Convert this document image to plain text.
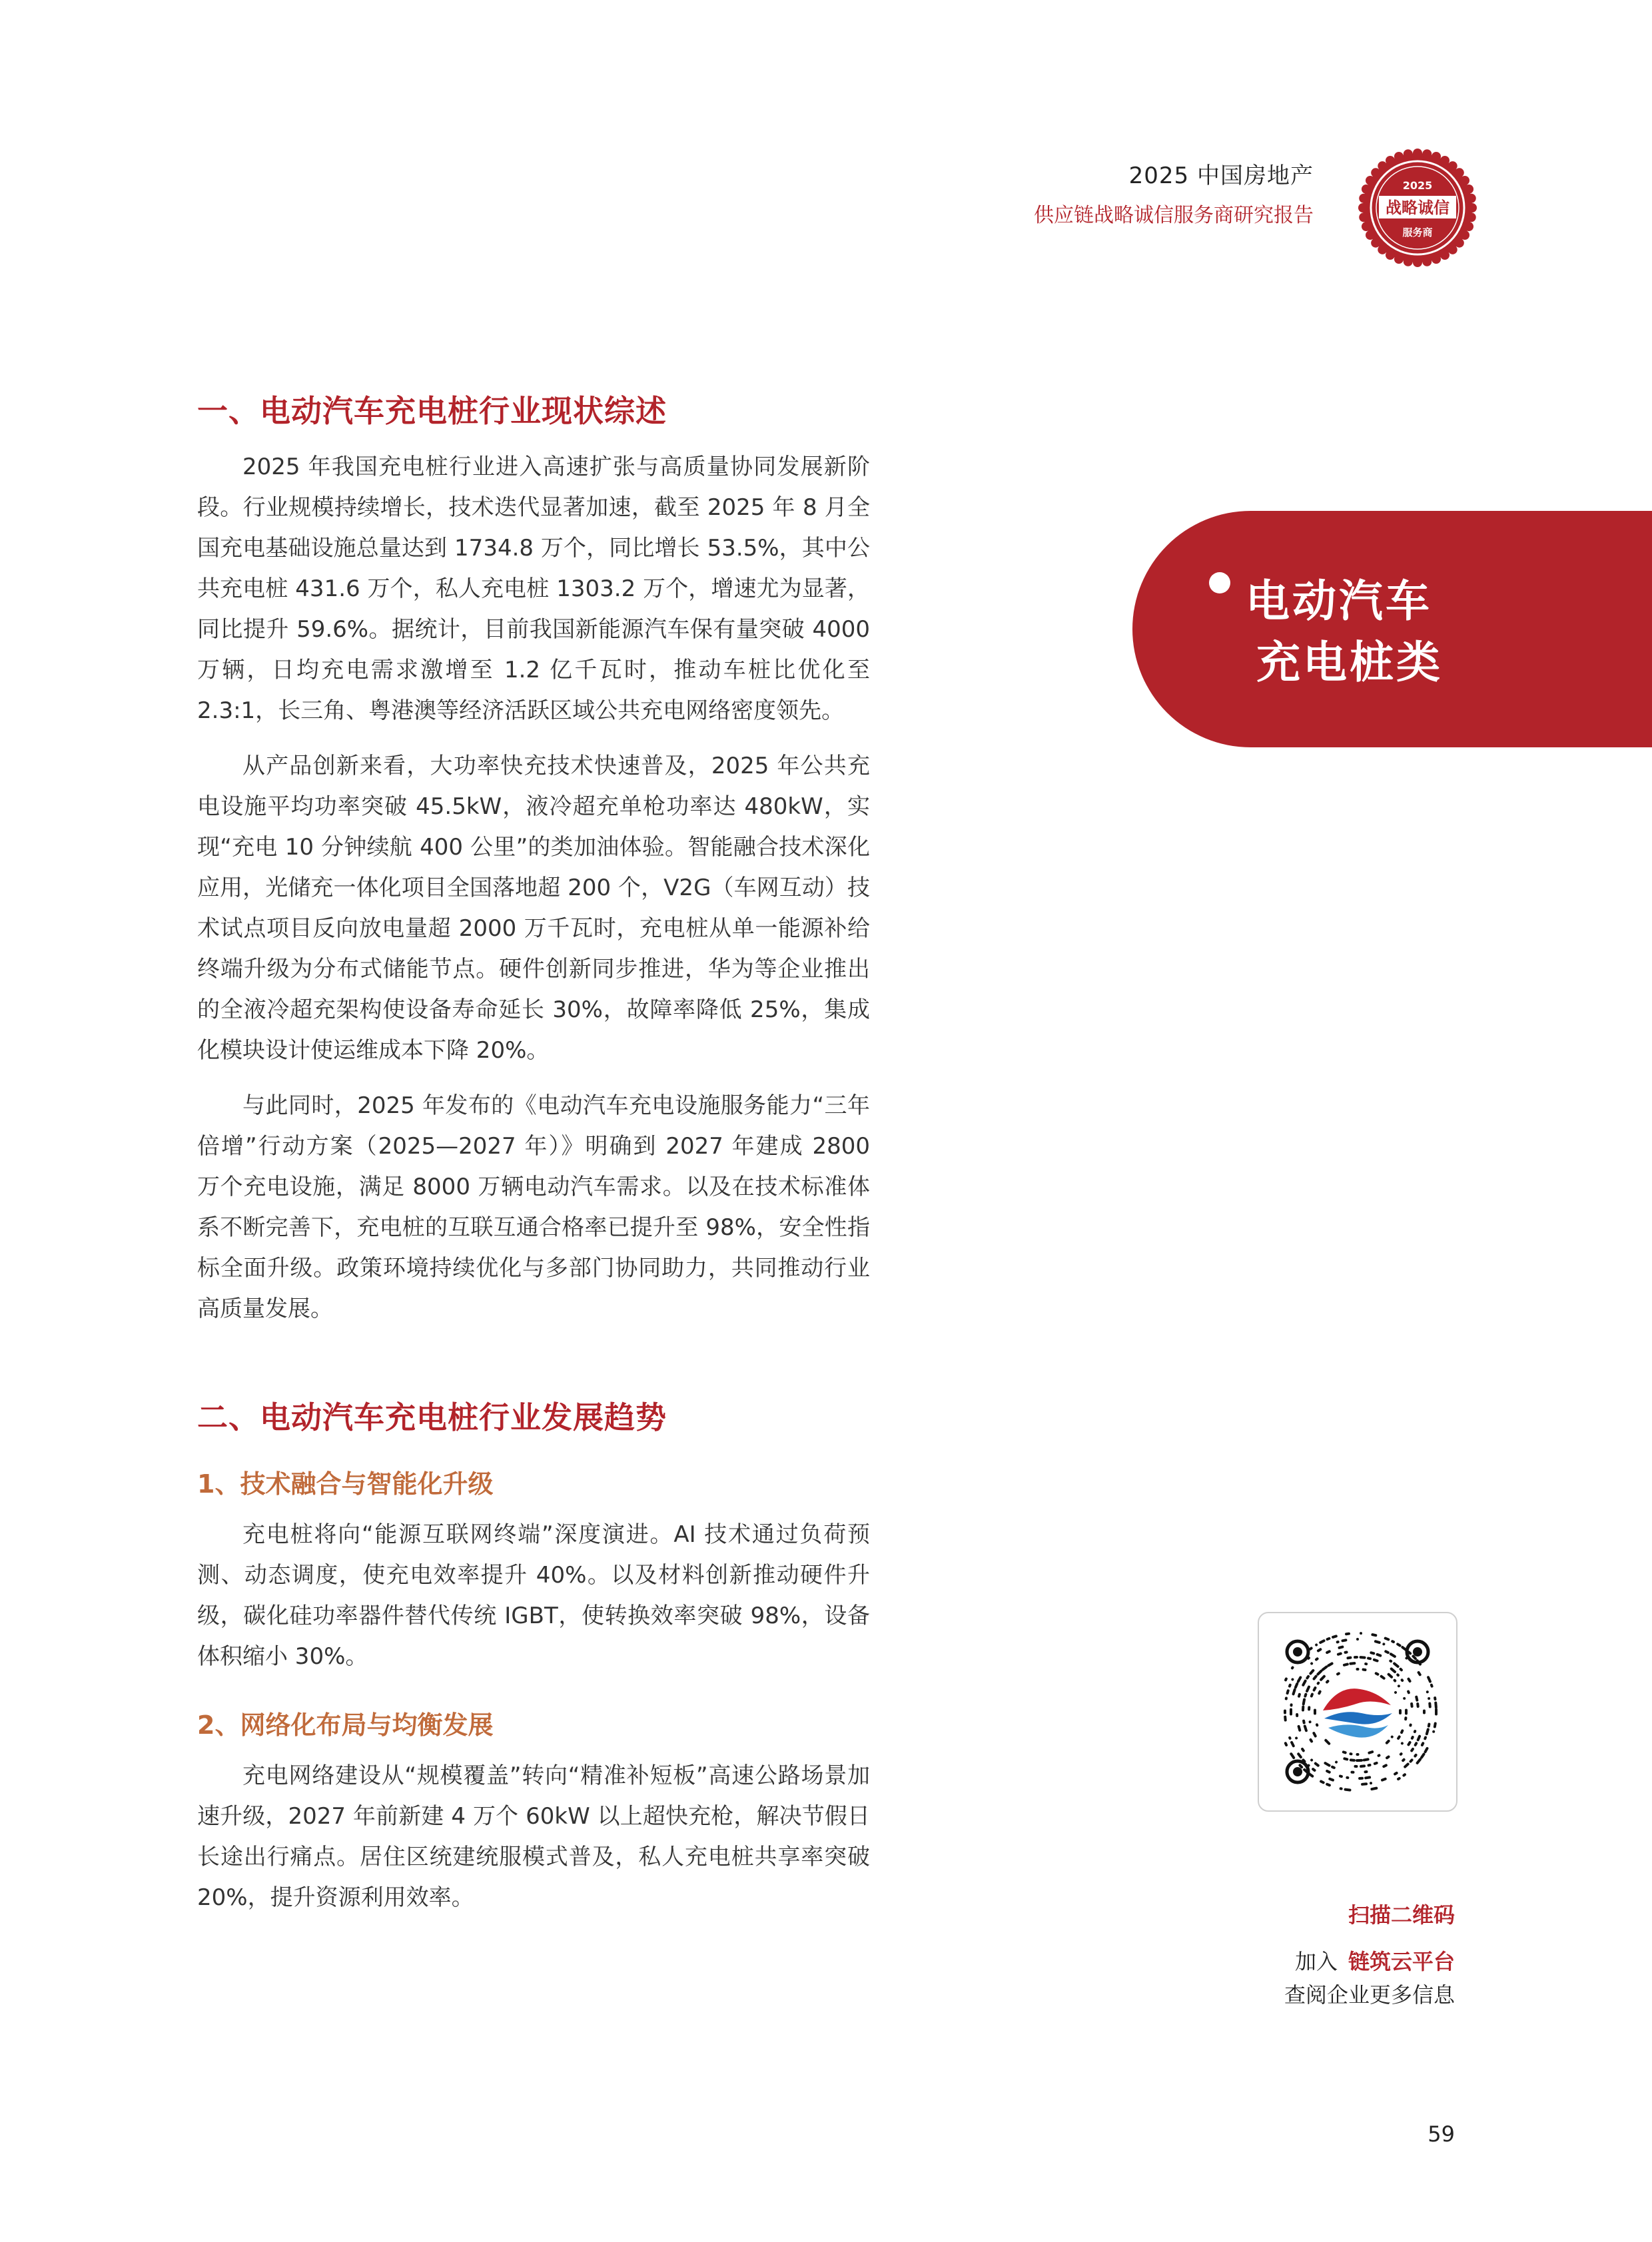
2025 中国房地产
供应链战略诚信服务商研究报告
2025
战略诚信
服务商
电动汽车
充电桩类
一、电动汽车充电桩行业现状综述

2025 年我国充电桩行业进入高速扩张与高质量协同发展新阶段。行业规模持续增长，技术迭代显著加速，截至 2025 年 8 月全国充电基础设施总量达到 1734.8 万个，同比增长 53.5%，其中公共充电桩 431.6 万个，私人充电桩 1303.2 万个，增速尤为显著，同比提升 59.6%。据统计，目前我国新能源汽车保有量突破 4000 万辆，日均充电需求激增至 1.2 亿千瓦时，推动车桩比优化至 2.3:1，长三角、粤港澳等经济活跃区域公共充电网络密度领先。

从产品创新来看，大功率快充技术快速普及，2025 年公共充电设施平均功率突破 45.5kW，液冷超充单枪功率达 480kW，实现“充电 10 分钟续航 400 公里”的类加油体验。智能融合技术深化应用，光储充一体化项目全国落地超 200 个，V2G（车网互动）技术试点项目反向放电量超 2000 万千瓦时，充电桩从单一能源补给终端升级为分布式储能节点。硬件创新同步推进，华为等企业推出的全液冷超充架构使设备寿命延长 30%，故障率降低 25%，集成化模块设计使运维成本下降 20%。

与此同时，2025 年发布的《电动汽车充电设施服务能力“三年倍增”行动方案（2025—2027 年）》明确到 2027 年建成 2800 万个充电设施，满足 8000 万辆电动汽车需求。以及在技术标准体系不断完善下，充电桩的互联互通合格率已提升至 98%，安全性指标全面升级。政策环境持续优化与多部门协同助力，共同推动行业高质量发展。

二、电动汽车充电桩行业发展趋势
1、技术融合与智能化升级

充电桩将向“能源互联网终端”深度演进。AI 技术通过负荷预测、动态调度，使充电效率提升 40%。以及材料创新推动硬件升级，碳化硅功率器件替代传统 IGBT，使转换效率突破 98%，设备体积缩小 30%。

2、网络化布局与均衡发展

充电网络建设从“规模覆盖”转向“精准补短板”高速公路场景加速升级，2027 年前新建 4 万个 60kW 以上超快充枪，解决节假日长途出行痛点。居住区统建统服模式普及，私人充电桩共享率突破 20%，提升资源利用效率。

扫描二维码
加入 链筑云平台
查阅企业更多信息
59
